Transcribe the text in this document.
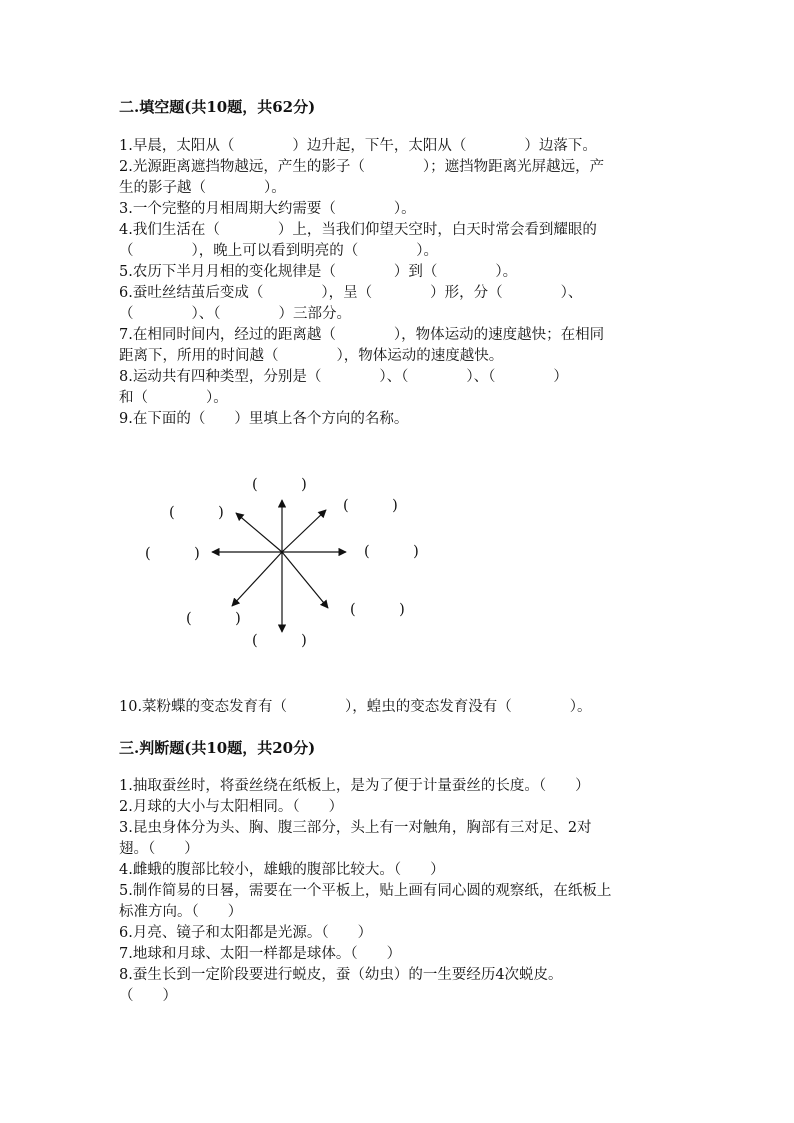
二.填空题(共10题，共62分)
1.早晨，太阳从（　　　　）边升起，下午，太阳从（　　　　）边落下。
2.光源距离遮挡物越远，产生的影子（　　　　）；遮挡物距离光屏越远，产
生的影子越（　　　　）。
3.一个完整的月相周期大约需要（　　　　）。
4.我们生活在（　　　　）上，当我们仰望天空时，白天时常会看到耀眼的
（　　　　），晚上可以看到明亮的（　　　　）。
5.农历下半月月相的变化规律是（　　　　）到（　　　　）。
6.蚕吐丝结茧后变成（　　　　），呈（　　　　）形，分（　　　　）、
（　　　　）、（　　　　）三部分。
7.在相同时间内，经过的距离越（　　　　），物体运动的速度越快；在相同
距离下，所用的时间越（　　　　），物体运动的速度越快。
8.运动共有四种类型，分别是（　　　　）、（　　　　）、（　　　　）
和（　　　　）。
9.在下面的（　　）里填上各个方向的名称。
(　　　)
(　　　)
(　　　)
(　　　)	(　　　)
(　　　)
(　　　)
(　　　)
10.菜粉蝶的变态发育有（　　　　），蝗虫的变态发育没有（　　　　）。
三.判断题(共10题，共20分)
1.抽取蚕丝时，将蚕丝绕在纸板上，是为了便于计量蚕丝的长度。（　　）
2.月球的大小与太阳相同。（　　）
3.昆虫身体分为头、胸、腹三部分，头上有一对触角，胸部有三对足、2对
翅。（　　）
4.雌蛾的腹部比较小，雄蛾的腹部比较大。（　　）
5.制作简易的日晷，需要在一个平板上，贴上画有同心圆的观察纸，在纸板上
标准方向。（　　）
6.月亮、镜子和太阳都是光源。（　　）
7.地球和月球、太阳一样都是球体。（　　）
8.蚕生长到一定阶段要进行蜕皮，蚕（幼虫）的一生要经历4次蜕皮。
（　　）
